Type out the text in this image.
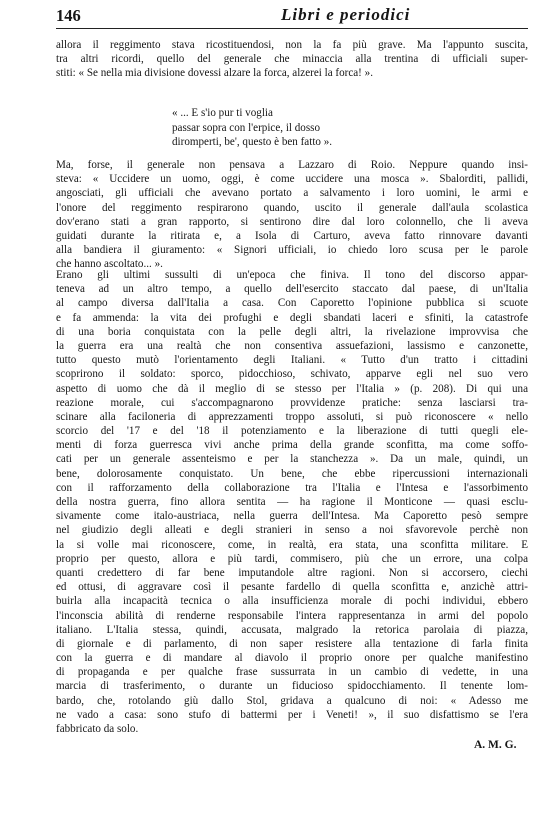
146	Libri e periodici
allora il reggimento stava ricostituendosi, non la fa più grave. Ma l'appunto suscita,
tra altri ricordi, quello del generale che minaccia alla trentina di ufficiali super-
stiti: « Se nella mia divisione dovessi alzare la forca, alzerei la forca! ».
« ... E s'io pur ti voglia
passar sopra con l'erpice, il dosso
diromperti, be', questo è ben fatto ».
Ma, forse, il generale non pensava a Lazzaro di Roio. Neppure quando insi-
steva: « Uccidere un uomo, oggi, è come uccidere una mosca ». Sbalorditi, pallidi,
angosciati, gli ufficiali che avevano portato a salvamento i loro uomini, le armi e
l'onore del reggimento respirarono quando, uscito il generale dall'aula scolastica
dov'erano stati a gran rapporto, si sentirono dire dal loro colonnello, che li aveva
guidati durante la ritirata e, a Isola di Carturo, aveva fatto rinnovare davanti
alla bandiera il giuramento: « Signori ufficiali, io chiedo loro scusa per le parole
che hanno ascoltato... ».
Erano gli ultimi sussulti di un'epoca che finiva. Il tono del discorso appar-
teneva ad un altro tempo, a quello dell'esercito staccato dal paese, di un'Italia
al campo diversa dall'Italia a casa. Con Caporetto l'opinione pubblica si scuote
e fa ammenda: la vita dei profughi e degli sbandati laceri e sfiniti, la catastrofe
di una boria conquistata con la pelle degli altri, la rivelazione improvvisa che
la guerra era una realtà che non consentiva assuefazioni, lassismo e canzonette,
tutto questo mutò l'orientamento degli Italiani. « Tutto d'un tratto i cittadini
scoprirono il soldato: sporco, pidocchioso, schivato, apparve egli nel suo vero
aspetto di uomo che dà il meglio di se stesso per l'Italia » (p. 208). Di qui una
reazione morale, cui s'accompagnarono provvidenze pratiche: senza lasciarsi tra-
scinare alla faciloneria di apprezzamenti troppo assoluti, si può riconoscere « nello
scorcio del '17 e del '18 il potenziamento e la liberazione di tutti quegli ele-
menti di forza guerresca vivi anche prima della grande sconfitta, ma come soffo-
cati per un generale assenteismo e per la stanchezza ». Da un male, quindi, un
bene, dolorosamente conquistato. Un bene, che ebbe ripercussioni internazionali
con il rafforzamento della collaborazione tra l'Italia e l'Intesa e l'assorbimento
della nostra guerra, fino allora sentita — ha ragione il Monticone — quasi esclu-
sivamente come italo-austriaca, nella guerra dell'Intesa. Ma Caporetto pesò sempre
nel giudizio degli alleati e degli stranieri in senso a noi sfavorevole perchè non
la si volle mai riconoscere, come, in realtà, era stata, una sconfitta militare. E
proprio per questo, allora e più tardi, commisero, più che un errore, una colpa
quanti credettero di far bene imputandole altre ragioni. Non si accorsero, ciechi
ed ottusi, di aggravare così il pesante fardello di quella sconfitta e, anzichè attri-
buirla alla incapacità tecnica o alla insufficienza morale di pochi individui, ebbero
l'inconscia abilità di renderne responsabile l'intera rappresentanza in armi del popolo
italiano. L'Italia stessa, quindi, accusata, malgrado la retorica parolaia di piazza,
di giornale e di parlamento, di non saper resistere alla tentazione di farla finita
con la guerra e di mandare al diavolo il proprio onore per qualche manifestino
di propaganda e per qualche frase sussurrata in un cambio di vedette, in una
marcia di trasferimento, o durante un fiducioso spidocchiamento. Il tenente lom-
bardo, che, rotolando giù dallo Stol, gridava a qualcuno di noi: « Adesso me
ne vado a casa: sono stufo di battermi per i Veneti! », il suo disfattismo se l'era
fabbricato da solo.
A. M. G.
